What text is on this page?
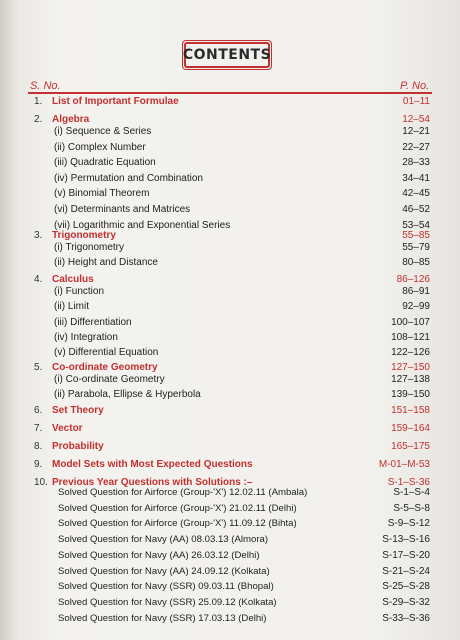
CONTENTS
S. No.	P. No.
1. List of Important Formulae	01–11
2. Algebra	12–54
(i) Sequence & Series	12–21
(ii) Complex Number	22–27
(iii) Quadratic Equation	28–33
(iv) Permutation and Combination	34–41
(v) Binomial Theorem	42–45
(vi) Determinants and Matrices	46–52
(vii) Logarithmic and Exponential Series	53–54
3. Trigonometry	55–85
(i) Trigonometry	55–79
(ii) Height and Distance	80–85
4. Calculus	86–126
(i) Function	86–91
(ii) Limit	92–99
(iii) Differentiation	100–107
(iv) Integration	108–121
(v) Differential Equation	122–126
5. Co-ordinate Geometry	127–150
(i) Co-ordinate Geometry	127–138
(ii) Parabola, Ellipse & Hyperbola	139–150
6. Set Theory	151–158
7. Vector	159–164
8. Probability	165–175
9. Model Sets with Most Expected Questions	M-01–M-53
10. Previous Year Questions with Solutions :–	S-1–S-36
Solved Question for Airforce (Group-'X') 12.02.11 (Ambala)	S-1–S-4
Solved Question for Airforce (Group-'X') 21.02.11 (Delhi)	S-5–S-8
Solved Question for Airforce (Group-'X') 11.09.12 (Bihta)	S-9–S-12
Solved Question for Navy (AA) 08.03.13 (Almora)	S-13–S-16
Solved Question for Navy (AA) 26.03.12 (Delhi)	S-17–S-20
Solved Question for Navy (AA) 24.09.12 (Kolkata)	S-21–S-24
Solved Question for Navy (SSR) 09.03.11 (Bhopal)	S-25–S-28
Solved Question for Navy (SSR) 25.09.12 (Kolkata)	S-29–S-32
Solved Question for Navy (SSR) 17.03.13 (Delhi)	S-33–S-36
